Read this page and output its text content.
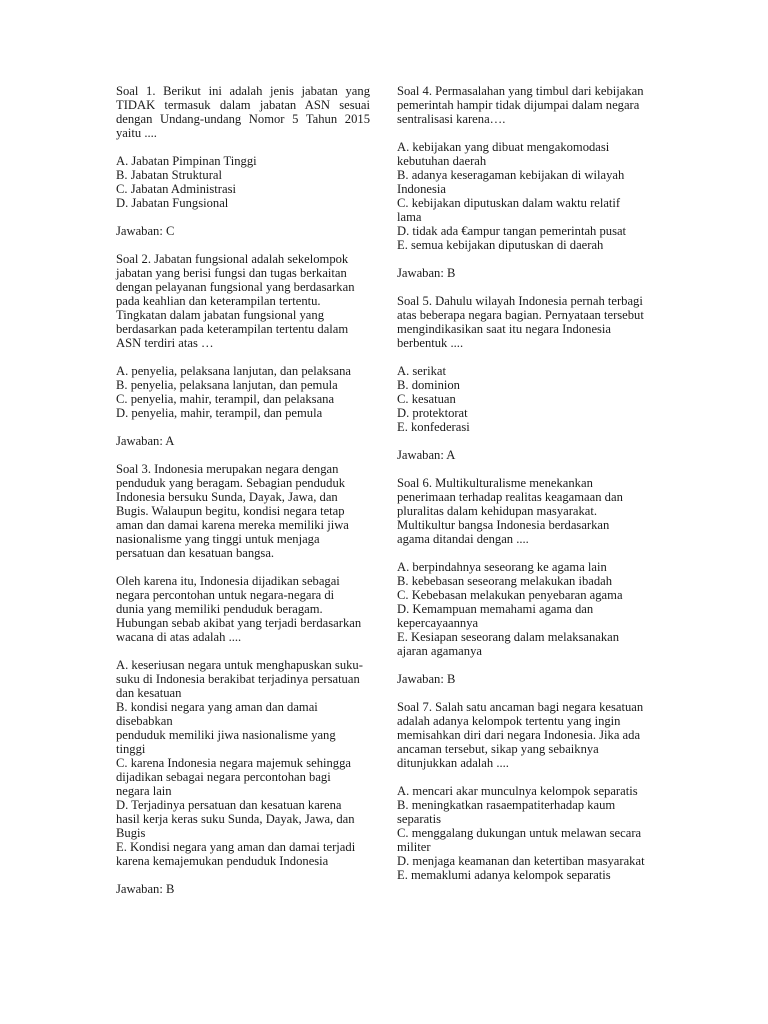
Soal 1. Berikut ini adalah jenis jabatan yang TIDAK termasuk dalam jabatan ASN sesuai dengan Undang-undang Nomor 5 Tahun 2015 yaitu ....
A. Jabatan Pimpinan Tinggi
B. Jabatan Struktural
C. Jabatan Administrasi
D. Jabatan Fungsional
Jawaban: C
Soal 2. Jabatan fungsional adalah sekelompok
jabatan yang berisi fungsi dan tugas berkaitan
dengan pelayanan fungsional yang berdasarkan
pada keahlian dan keterampilan tertentu.
Tingkatan dalam jabatan fungsional yang
berdasarkan pada keterampilan tertentu dalam
ASN terdiri atas …
A. penyelia, pelaksana lanjutan, dan pelaksana
B. penyelia, pelaksana lanjutan, dan pemula
C. penyelia, mahir, terampil, dan pelaksana
D. penyelia, mahir, terampil, dan pemula
Jawaban: A
Soal 3. Indonesia merupakan negara dengan
penduduk yang beragam. Sebagian penduduk
Indonesia bersuku Sunda, Dayak, Jawa, dan
Bugis. Walaupun begitu, kondisi negara tetap
aman dan damai karena mereka memiliki jiwa
nasionalisme yang tinggi untuk menjaga
persatuan dan kesatuan bangsa.
Oleh karena itu, Indonesia dijadikan sebagai
negara percontohan untuk negara-negara di
dunia yang memiliki penduduk beragam.
Hubungan sebab akibat yang terjadi berdasarkan
wacana di atas adalah ....
A. keseriusan negara untuk menghapuskan suku-
suku di Indonesia berakibat terjadinya persatuan
dan kesatuan
B. kondisi negara yang aman dan damai disebabkan
penduduk memiliki jiwa nasionalisme yang
tinggi
C. karena Indonesia negara majemuk sehingga
dijadikan sebagai negara percontohan bagi
negara lain
D. Terjadinya persatuan dan kesatuan karena
hasil kerja keras suku Sunda, Dayak, Jawa, dan
Bugis
E. Kondisi negara yang aman dan damai terjadi
karena kemajemukan penduduk Indonesia
Jawaban: B
Soal 4. Permasalahan yang timbul dari kebijakan
pemerintah hampir tidak dijumpai dalam negara
sentralisasi karena….
A. kebijakan yang dibuat mengakomodasi
kebutuhan daerah
B. adanya keseragaman kebijakan di wilayah
Indonesia
C. kebijakan diputuskan dalam waktu relatif
lama
D. tidak ada €ampur tangan pemerintah pusat
E. semua kebijakan diputuskan di daerah
Jawaban: B
Soal 5. Dahulu wilayah Indonesia pernah terbagi
atas beberapa negara bagian. Pernyataan tersebut
mengindikasikan saat itu negara Indonesia
berbentuk ....
A. serikat
B. dominion
C. kesatuan
D. protektorat
E. konfederasi
Jawaban: A
Soal 6. Multikulturalisme menekankan
penerimaan terhadap realitas keagamaan dan
pluralitas dalam kehidupan masyarakat.
Multikultur bangsa Indonesia berdasarkan
agama ditandai dengan ....
A. berpindahnya seseorang ke agama lain
B. kebebasan seseorang melakukan ibadah
C. Kebebasan melakukan penyebaran agama
D. Kemampuan memahami agama dan
kepercayaannya
E. Kesiapan seseorang dalam melaksanakan
ajaran agamanya
Jawaban: B
Soal 7. Salah satu ancaman bagi negara kesatuan
adalah adanya kelompok tertentu yang ingin
memisahkan diri dari negara Indonesia. Jika ada
ancaman tersebut, sikap yang sebaiknya
ditunjukkan adalah ....
A. mencari akar munculnya kelompok separatis
B. meningkatkan rasaempatiterhadap kaum
separatis
C. menggalang dukungan untuk melawan secara
militer
D. menjaga keamanan dan ketertiban masyarakat
E. memaklumi adanya kelompok separatis
